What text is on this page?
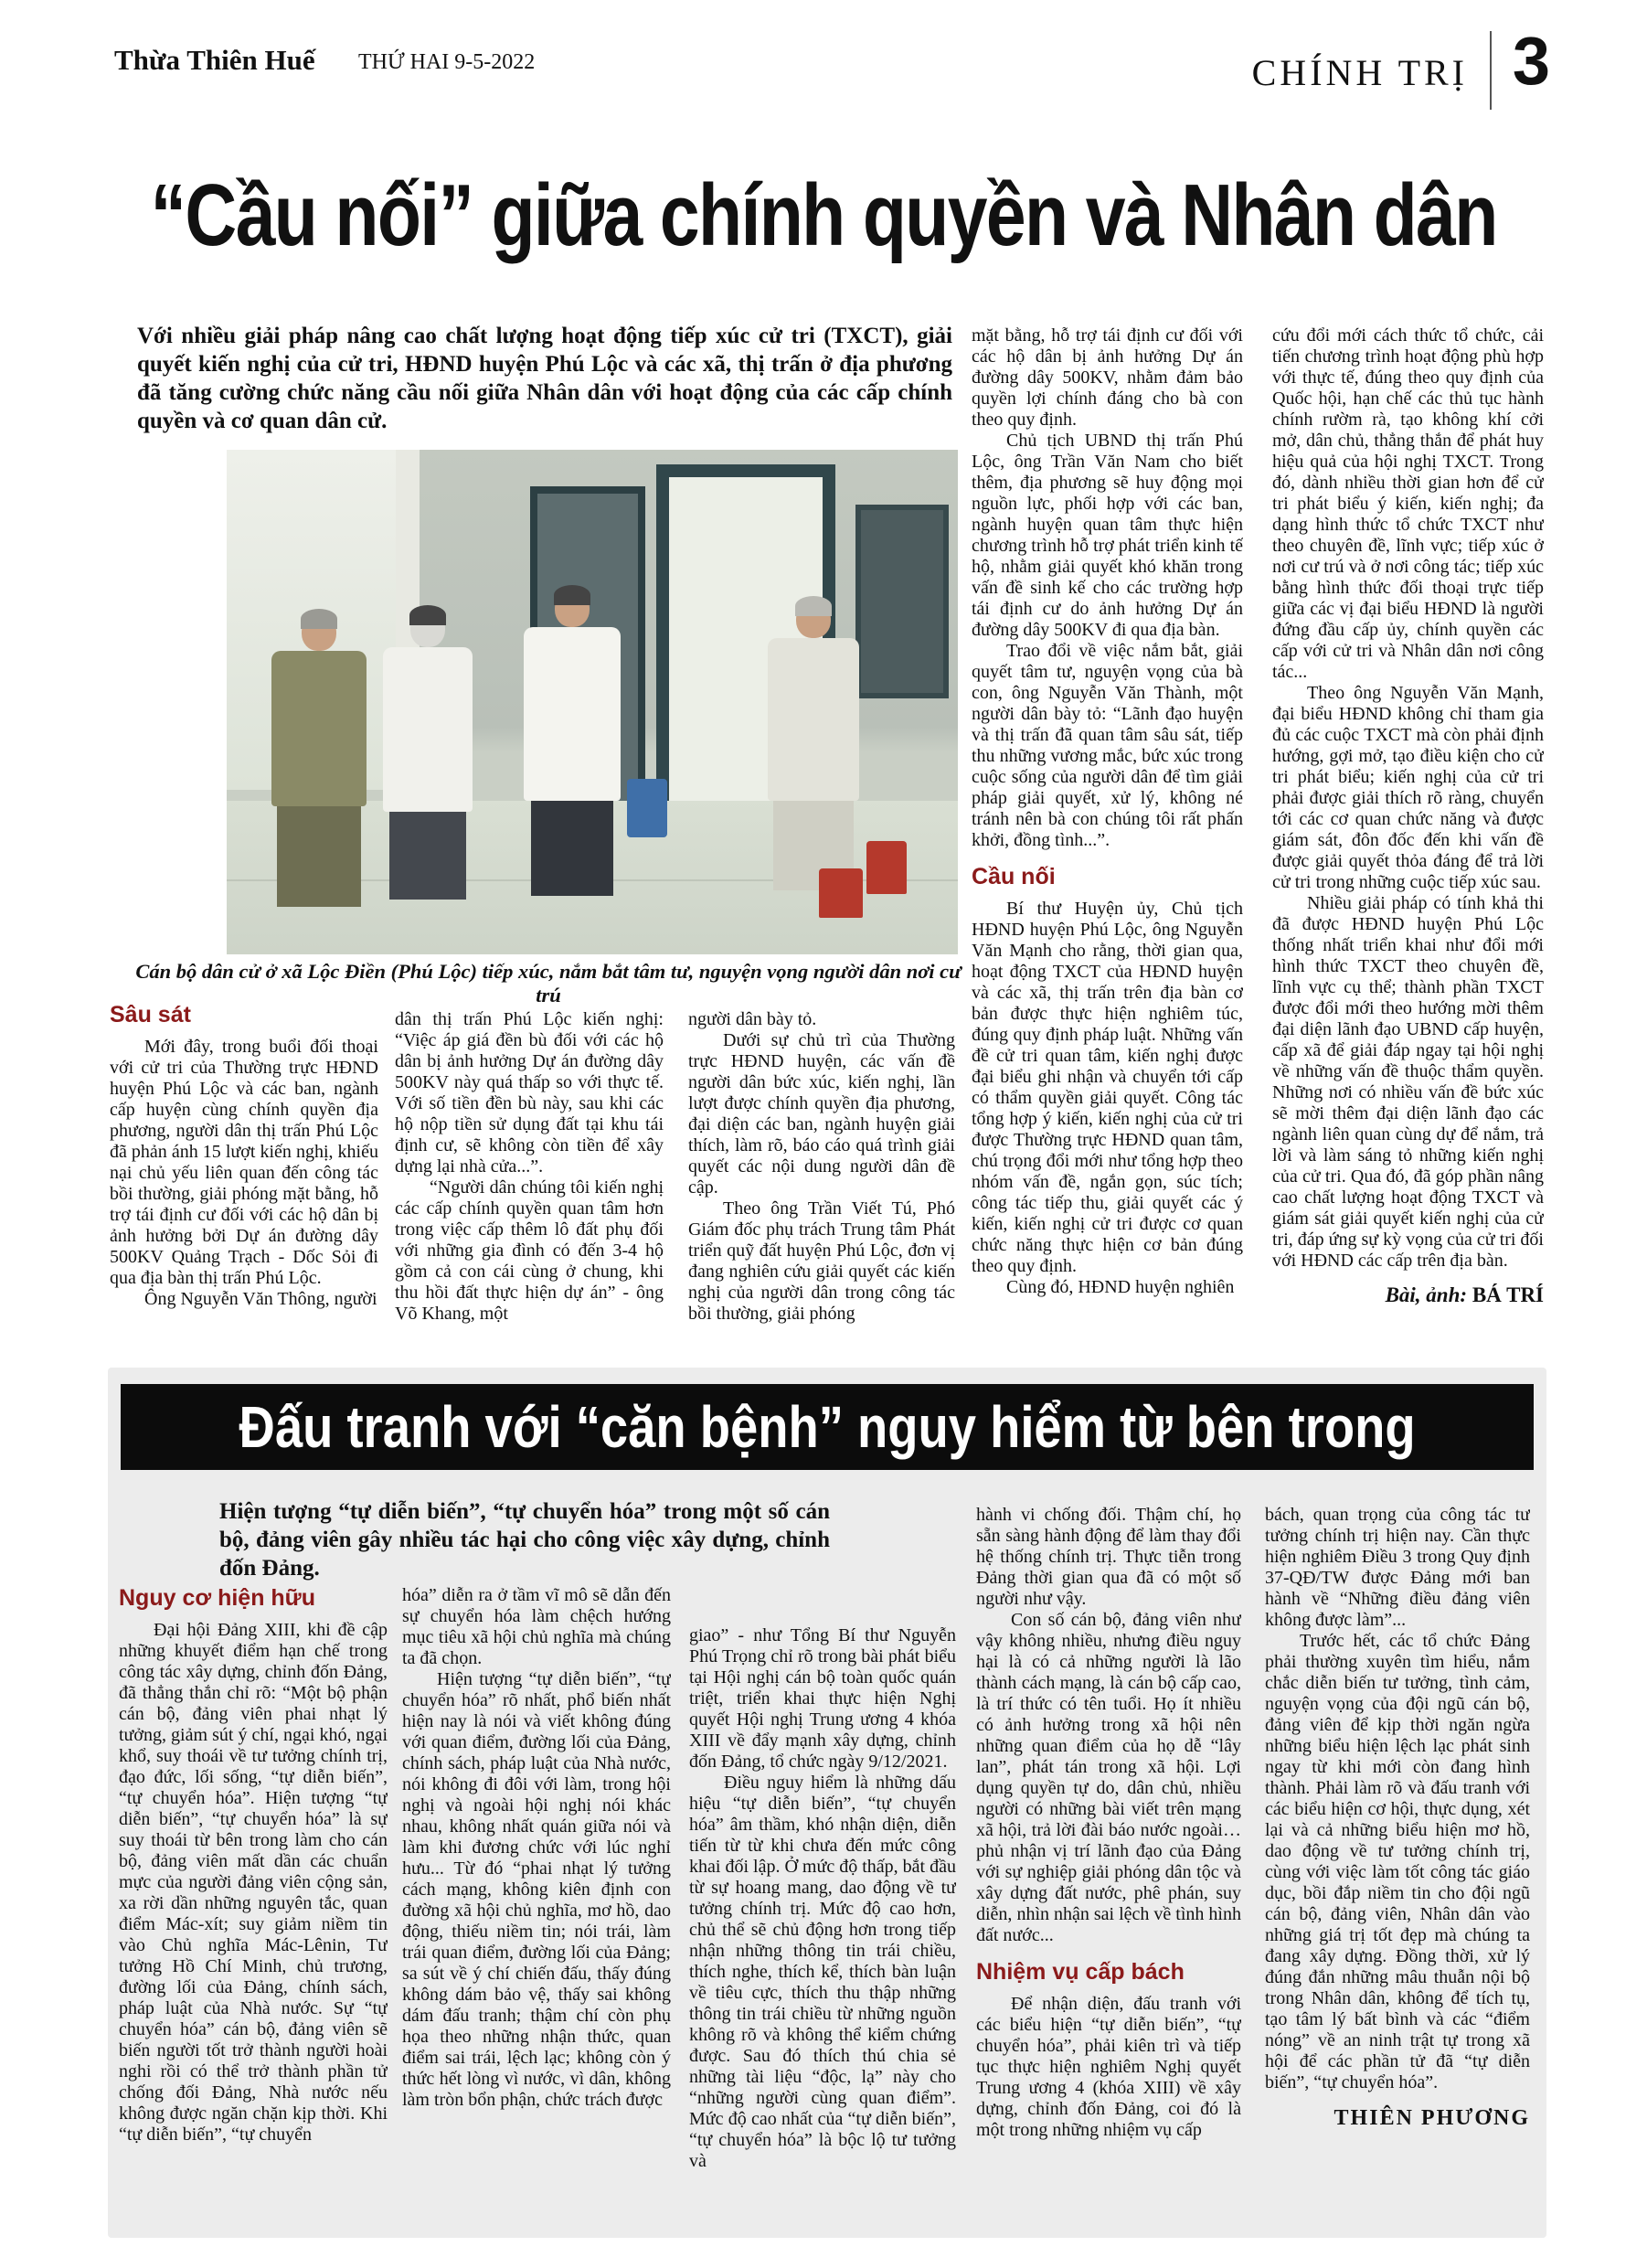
Thừa Thiên Huế THỨ HAI 9-5-2022	CHÍNH TRỊ 3
“Cầu nối” giữa chính quyền và Nhân dân
Với nhiều giải pháp nâng cao chất lượng hoạt động tiếp xúc cử tri (TXCT), giải quyết kiến nghị của cử tri, HĐND huyện Phú Lộc và các xã, thị trấn ở địa phương đã tăng cường chức năng cầu nối giữa Nhân dân với hoạt động của các cấp chính quyền và cơ quan dân cử.
Cán bộ dân cử ở xã Lộc Điền (Phú Lộc) tiếp xúc, nắm bắt tâm tư, nguyện vọng người dân nơi cư trú

Sâu sát

Mới đây, trong buổi đối thoại với cử tri của Thường trực HĐND huyện Phú Lộc và các ban, ngành cấp huyện cùng chính quyền địa phương, người dân thị trấn Phú Lộc đã phản ánh 15 lượt kiến nghị, khiếu nại chủ yếu liên quan đến công tác bồi thường, giải phóng mặt bằng, hỗ trợ tái định cư đối với các hộ dân bị ảnh hưởng bởi Dự án đường dây 500KV Quảng Trạch - Dốc Sỏi đi qua địa bàn thị trấn Phú Lộc.

Ông Nguyễn Văn Thông, người

dân thị trấn Phú Lộc kiến nghị: “Việc áp giá đền bù đối với các hộ dân bị ảnh hưởng Dự án đường dây 500KV này quá thấp so với thực tế. Với số tiền đền bù này, sau khi các hộ nộp tiền sử dụng đất tại khu tái định cư, sẽ không còn tiền để xây dựng lại nhà cửa...”.

“Người dân chúng tôi kiến nghị các cấp chính quyền quan tâm hơn trong việc cấp thêm lô đất phụ đối với những gia đình có đến 3-4 hộ gồm cả con cái cùng ở chung, khi thu hồi đất thực hiện dự án” - ông Võ Khang, một

người dân bày tỏ.

Dưới sự chủ trì của Thường trực HĐND huyện, các vấn đề người dân bức xúc, kiến nghị, lần lượt được chính quyền địa phương, đại diện các ban, ngành huyện giải thích, làm rõ, báo cáo quá trình giải quyết các nội dung người dân đề cập.

Theo ông Trần Viết Tú, Phó Giám đốc phụ trách Trung tâm Phát triển quỹ đất huyện Phú Lộc, đơn vị đang nghiên cứu giải quyết các kiến nghị của người dân trong công tác bồi thường, giải phóng

mặt bằng, hỗ trợ tái định cư đối với các hộ dân bị ảnh hưởng Dự án đường dây 500KV, nhằm đảm bảo quyền lợi chính đáng cho bà con theo quy định.

Chủ tịch UBND thị trấn Phú Lộc, ông Trần Văn Nam cho biết thêm, địa phương sẽ huy động mọi nguồn lực, phối hợp với các ban, ngành huyện quan tâm thực hiện chương trình hỗ trợ phát triển kinh tế hộ, nhằm giải quyết khó khăn trong vấn đề sinh kế cho các trường hợp tái định cư do ảnh hưởng Dự án đường dây 500KV đi qua địa bàn.

Trao đổi về việc nắm bắt, giải quyết tâm tư, nguyện vọng của bà con, ông Nguyễn Văn Thành, một người dân bày tỏ: “Lãnh đạo huyện và thị trấn đã quan tâm sâu sát, tiếp thu những vương mắc, bức xúc trong cuộc sống của người dân để tìm giải pháp giải quyết, xử lý, không né tránh nên bà con chúng tôi rất phấn khởi, đồng tình...”.

Cầu nối

Bí thư Huyện ủy, Chủ tịch HĐND huyện Phú Lộc, ông Nguyễn Văn Mạnh cho rằng, thời gian qua, hoạt động TXCT của HĐND huyện và các xã, thị trấn trên địa bàn cơ bản được thực hiện nghiêm túc, đúng quy định pháp luật. Những vấn đề cử tri quan tâm, kiến nghị được đại biểu ghi nhận và chuyển tới cấp có thẩm quyền giải quyết. Công tác tổng hợp ý kiến, kiến nghị của cử tri được Thường trực HĐND quan tâm, chú trọng đổi mới như tổng hợp theo nhóm vấn đề, ngắn gọn, súc tích; công tác tiếp thu, giải quyết các ý kiến, kiến nghị cử tri được cơ quan chức năng thực hiện cơ bản đúng theo quy định.

Cùng đó, HĐND huyện nghiên

cứu đổi mới cách thức tổ chức, cải tiến chương trình hoạt động phù hợp với thực tế, đúng theo quy định của Quốc hội, hạn chế các thủ tục hành chính rườm rà, tạo không khí cởi mở, dân chủ, thẳng thắn để phát huy hiệu quả của hội nghị TXCT. Trong đó, dành nhiều thời gian hơn để cử tri phát biểu ý kiến, kiến nghị; đa dạng hình thức tổ chức TXCT như theo chuyên đề, lĩnh vực; tiếp xúc ở nơi cư trú và ở nơi công tác; tiếp xúc bằng hình thức đối thoại trực tiếp giữa các vị đại biểu HĐND là người đứng đầu cấp ủy, chính quyền các cấp với cử tri và Nhân dân nơi công tác...

Theo ông Nguyễn Văn Mạnh, đại biểu HĐND không chỉ tham gia đủ các cuộc TXCT mà còn phải định hướng, gợi mở, tạo điều kiện cho cử tri phát biểu; kiến nghị của cử tri phải được giải thích rõ ràng, chuyển tới các cơ quan chức năng và được giám sát, đôn đốc đến khi vấn đề được giải quyết thỏa đáng để trả lời cử tri trong những cuộc tiếp xúc sau.

Nhiều giải pháp có tính khả thi đã được HĐND huyện Phú Lộc thống nhất triển khai như đổi mới hình thức TXCT theo chuyên đề, lĩnh vực cụ thể; thành phần TXCT được đổi mới theo hướng mời thêm đại diện lãnh đạo UBND cấp huyện, cấp xã để giải đáp ngay tại hội nghị về những vấn đề thuộc thẩm quyền. Những nơi có nhiều vấn đề bức xúc sẽ mời thêm đại diện lãnh đạo các ngành liên quan cùng dự để nắm, trả lời và làm sáng tỏ những kiến nghị của cử tri. Qua đó, đã góp phần nâng cao chất lượng hoạt động TXCT và giám sát giải quyết kiến nghị của cử tri, đáp ứng sự kỳ vọng của cử tri đối với HĐND các cấp trên địa bàn.

Bài, ảnh: BÁ TRÍ

Đấu tranh với “căn bệnh” nguy hiểm từ bên trong
Hiện tượng “tự diễn biến”, “tự chuyển hóa” trong một số cán bộ, đảng viên gây nhiều tác hại cho công việc xây dựng, chỉnh đốn Đảng.

Nguy cơ hiện hữu

Đại hội Đảng XIII, khi đề cập những khuyết điểm hạn chế trong công tác xây dựng, chỉnh đốn Đảng, đã thẳng thắn chỉ rõ: “Một bộ phận cán bộ, đảng viên phai nhạt lý tưởng, giảm sút ý chí, ngại khó, ngại khổ, suy thoái về tư tưởng chính trị, đạo đức, lối sống, “tự diễn biến”, “tự chuyển hóa”. Hiện tượng “tự diễn biến”, “tự chuyển hóa” là sự suy thoái từ bên trong làm cho cán bộ, đảng viên mất dần các chuẩn mực của người đảng viên cộng sản, xa rời dần những nguyên tắc, quan điểm Mác-xít; suy giảm niềm tin vào Chủ nghĩa Mác-Lênin, Tư tưởng Hồ Chí Minh, chủ trương, đường lối của Đảng, chính sách, pháp luật của Nhà nước. Sự “tự chuyển hóa” cán bộ, đảng viên sẽ biến người tốt trở thành người hoài nghi rồi có thể trở thành phần tử chống đối Đảng, Nhà nước nếu không được ngăn chặn kịp thời. Khi “tự diễn biến”, “tự chuyển

hóa” diễn ra ở tầm vĩ mô sẽ dẫn đến sự chuyển hóa làm chệch hướng mục tiêu xã hội chủ nghĩa mà chúng ta đã chọn.

Hiện tượng “tự diễn biến”, “tự chuyển hóa” rõ nhất, phổ biến nhất hiện nay là nói và viết không đúng với quan điểm, đường lối của Đảng, chính sách, pháp luật của Nhà nước, nói không đi đôi với làm, trong hội nghị và ngoài hội nghị nói khác nhau, không nhất quán giữa nói và làm khi đương chức với lúc nghỉ hưu... Từ đó “phai nhạt lý tưởng cách mạng, không kiên định con đường xã hội chủ nghĩa, mơ hồ, dao động, thiếu niềm tin; nói trái, làm trái quan điểm, đường lối của Đảng; sa sút về ý chí chiến đấu, thấy đúng không dám bảo vệ, thấy sai không dám đấu tranh; thậm chí còn phụ họa theo những nhận thức, quan điểm sai trái, lệch lạc; không còn ý thức hết lòng vì nước, vì dân, không làm tròn bổn phận, chức trách được

giao” - như Tổng Bí thư Nguyễn Phú Trọng chỉ rõ trong bài phát biểu tại Hội nghị cán bộ toàn quốc quán triệt, triển khai thực hiện Nghị quyết Hội nghị Trung ương 4 khóa XIII về đẩy mạnh xây dựng, chỉnh đốn Đảng, tổ chức ngày 9/12/2021.

Điều nguy hiểm là những dấu hiệu “tự diễn biến”, “tự chuyển hóa” âm thầm, khó nhận diện, diễn tiến từ từ khi chưa đến mức công khai đối lập. Ở mức độ thấp, bắt đầu từ sự hoang mang, dao động về tư tưởng chính trị. Mức độ cao hơn, chủ thể sẽ chủ động hơn trong tiếp nhận những thông tin trái chiều, thích nghe, thích kể, thích bàn luận về tiêu cực, thích thu thập những thông tin trái chiều từ những nguồn không rõ và không thể kiểm chứng được. Sau đó thích thú chia sẻ những tài liệu “độc, lạ” này cho “những người cùng quan điểm”. Mức độ cao nhất của “tự diễn biến”, “tự chuyển hóa” là bộc lộ tư tưởng và

hành vi chống đối. Thậm chí, họ sẵn sàng hành động để làm thay đổi hệ thống chính trị. Thực tiễn trong Đảng thời gian qua đã có một số người như vậy.

Con số cán bộ, đảng viên như vậy không nhiều, nhưng điều nguy hại là có cả những người là lão thành cách mạng, là cán bộ cấp cao, là trí thức có tên tuổi. Họ ít nhiều có ảnh hưởng trong xã hội nên những quan điểm của họ dễ “lây lan”, phát tán trong xã hội. Lợi dụng quyền tự do, dân chủ, nhiều người có những bài viết trên mạng xã hội, trả lời đài báo nước ngoài… phủ nhận vị trí lãnh đạo của Đảng với sự nghiệp giải phóng dân tộc và xây dựng đất nước, phê phán, suy diễn, nhìn nhận sai lệch về tình hình đất nước...

Nhiệm vụ cấp bách

Để nhận diện, đấu tranh với các biểu hiện “tự diễn biến”, “tự chuyển hóa”, phải kiên trì và tiếp tục thực hiện nghiêm Nghị quyết Trung ương 4 (khóa XIII) về xây dựng, chỉnh đốn Đảng, coi đó là một trong những nhiệm vụ cấp

bách, quan trọng của công tác tư tưởng chính trị hiện nay. Cần thực hiện nghiêm Điều 3 trong Quy định 37-QĐ/TW được Đảng mới ban hành về “Những điều đảng viên không được làm”...

Trước hết, các tổ chức Đảng phải thường xuyên tìm hiểu, nắm chắc diễn biến tư tưởng, tình cảm, nguyện vọng của đội ngũ cán bộ, đảng viên để kịp thời ngăn ngừa những biểu hiện lệch lạc phát sinh ngay từ khi mới còn đang hình thành. Phải làm rõ và đấu tranh với các biểu hiện cơ hội, thực dụng, xét lại và cả những biểu hiện mơ hồ, dao động về tư tưởng chính trị, cùng với việc làm tốt công tác giáo dục, bồi đắp niềm tin cho đội ngũ cán bộ, đảng viên, Nhân dân vào những giá trị tốt đẹp mà chúng ta đang xây dựng. Đồng thời, xử lý đúng đắn những mâu thuẫn nội bộ trong Nhân dân, không để tích tụ, tạo tâm lý bất bình và các “điểm nóng” về an ninh trật tự trong xã hội để các phần tử đã “tự diễn biến”, “tự chuyển hóa”.

THIÊN PHƯƠNG
